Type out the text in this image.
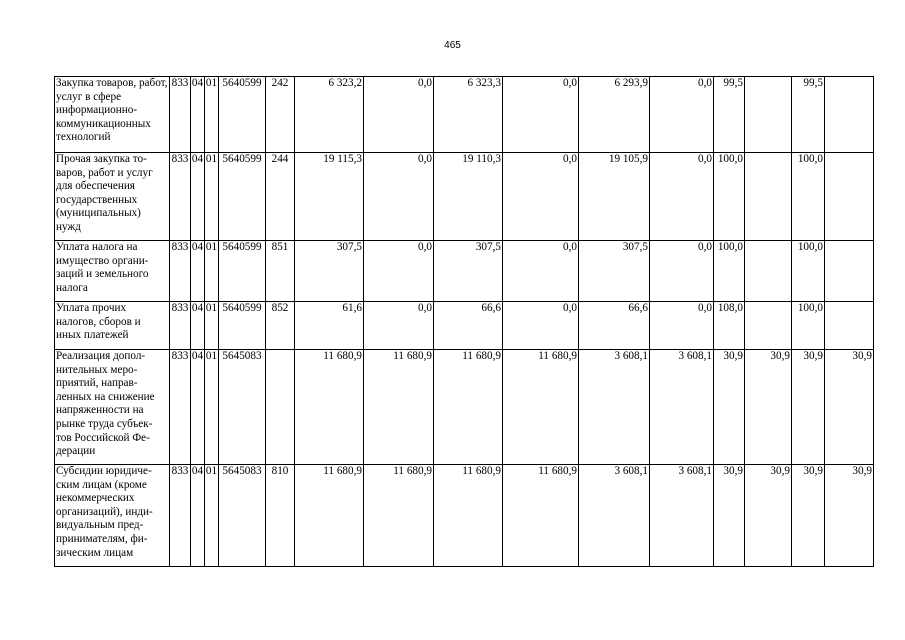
465
Закупка товаров, работ, услуг в сфере информационно-коммуникационных технологий	833	04	01	5640599	242	6 323,2	0,0	6 323,3	0,0	6 293,9	0,0	99,5		99,5	
Прочая закупка то-варов, работ и услуг для обеспечения государственных (муниципальных) нужд	833	04	01	5640599	244	19 115,3	0,0	19 110,3	0,0	19 105,9	0,0	100,0		100,0	
Уплата налога на имущество органи-заций и земельного налога	833	04	01	5640599	851	307,5	0,0	307,5	0,0	307,5	0,0	100,0		100,0	
Уплата прочих налогов, сборов и иных платежей	833	04	01	5640599	852	61,6	0,0	66,6	0,0	66,6	0,0	108,0		100,0	
Реализация допол-нительных меро-приятий, направ-ленных на снижение напряженности на рынке труда субъек-тов Российской Фе-дерации	833	04	01	5645083		11 680,9	11 680,9	11 680,9	11 680,9	3 608,1	3 608,1	30,9	30,9	30,9	30,9
Субсидии юридиче-ским лицам (кроме некоммерческих организаций), инди-видуальным пред-принимателям, фи-зическим лицам	833	04	01	5645083	810	11 680,9	11 680,9	11 680,9	11 680,9	3 608,1	3 608,1	30,9	30,9	30,9	30,9
